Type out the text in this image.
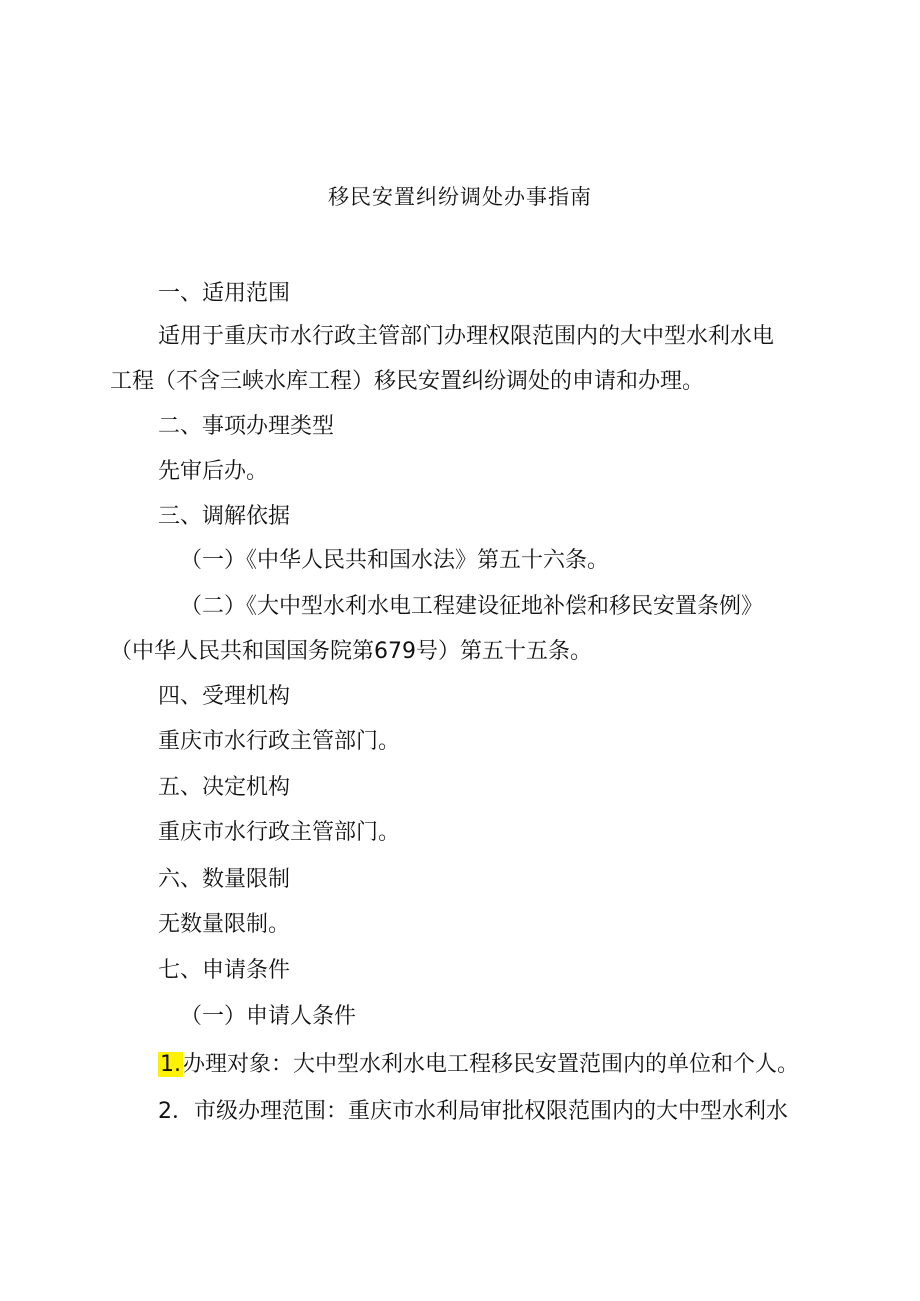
移民安置纠纷调处办事指南
一、适用范围
适用于重庆市水行政主管部门办理权限范围内的大中型水利水电
工程（不含三峡水库工程）移民安置纠纷调处的申请和办理。
二、事项办理类型
先审后办。
三、调解依据
（一）《中华人民共和国水法》第五十六条。
（二）《大中型水利水电工程建设征地补偿和移民安置条例》
（中华人民共和国国务院第679号）第五十五条。
四、受理机构
重庆市水行政主管部门。
五、决定机构
重庆市水行政主管部门。
六、数量限制
无数量限制。
七、申请条件
（一）申请人条件
1.办理对象：大中型水利水电工程移民安置范围内的单位和个人。
2．市级办理范围：重庆市水利局审批权限范围内的大中型水利水
